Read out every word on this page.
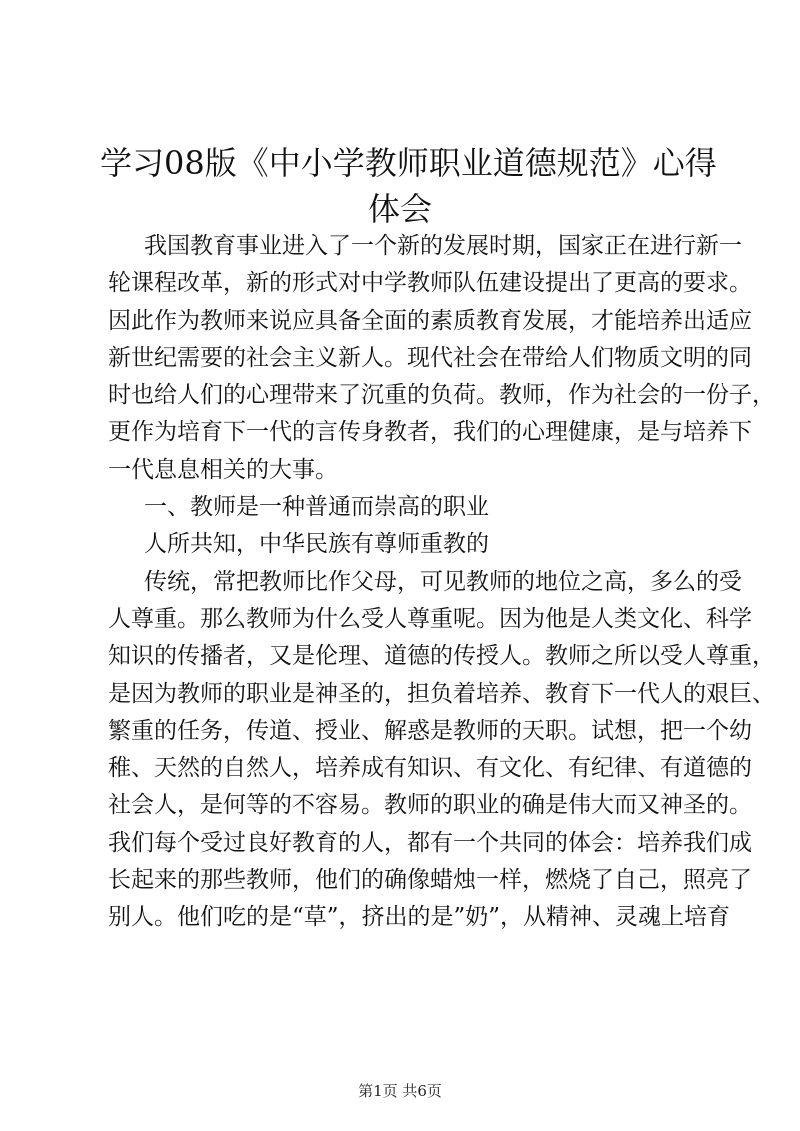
学习08版《中小学教师职业道德规范》心得
体会
我国教育事业进入了一个新的发展时期，国家正在进行新一
轮课程改革，新的形式对中学教师队伍建设提出了更高的要求。
因此作为教师来说应具备全面的素质教育发展，才能培养出适应
新世纪需要的社会主义新人。现代社会在带给人们物质文明的同
时也给人们的心理带来了沉重的负荷。教师，作为社会的一份子，
更作为培育下一代的言传身教者，我们的心理健康，是与培养下
一代息息相关的大事。
一、教师是一种普通而崇高的职业
人所共知，中华民族有尊师重教的
传统，常把教师比作父母，可见教师的地位之高，多么的受
人尊重。那么教师为什么受人尊重呢。因为他是人类文化、科学
知识的传播者，又是伦理、道德的传授人。教师之所以受人尊重，
是因为教师的职业是神圣的，担负着培养、教育下一代人的艰巨、
繁重的任务，传道、授业、解惑是教师的天职。试想，把一个幼
稚、天然的自然人，培养成有知识、有文化、有纪律、有道德的
社会人，是何等的不容易。教师的职业的确是伟大而又神圣的。
我们每个受过良好教育的人，都有一个共同的体会：培养我们成
长起来的那些教师，他们的确像蜡烛一样，燃烧了自己，照亮了
别人。他们吃的是“草”，挤出的是”奶”，从精神、灵魂上培育
第1页 共6页
